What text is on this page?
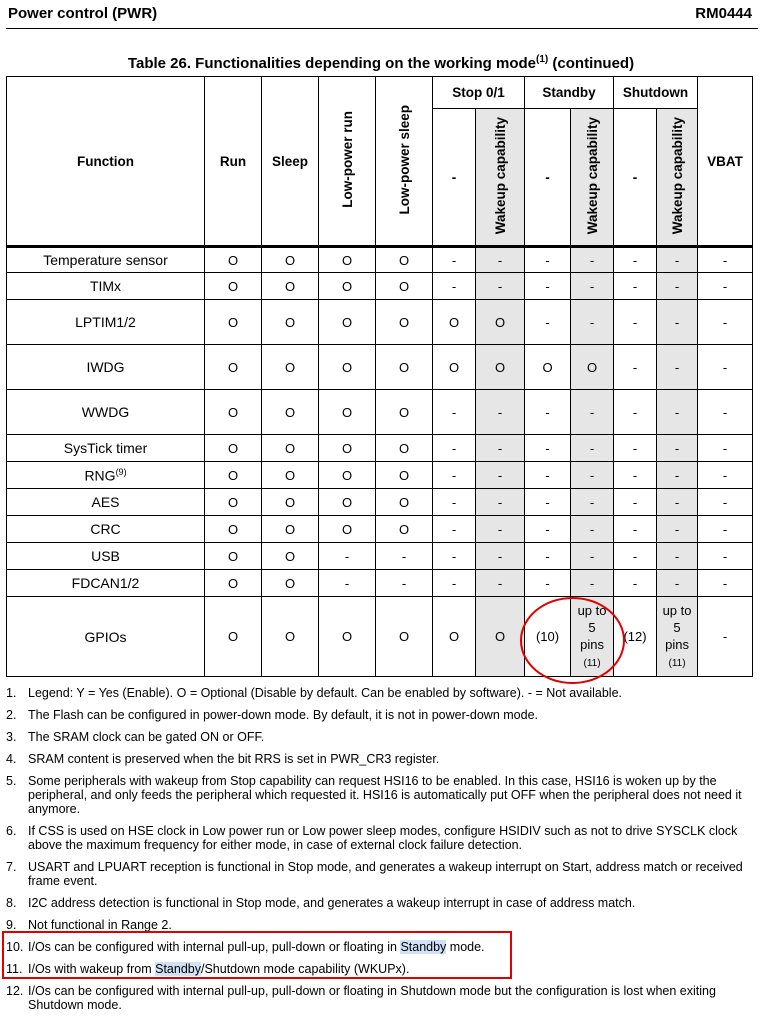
Power control (PWR)	RM0444
Table 26. Functionalities depending on the working mode$^{(1)}$ (continued)
Function	Run	Sleep	Low-power run	Low-power sleep	Stop 0/1		Standby		Shutdown		VBAT
					-	Wakeup capability	-	Wakeup capability	-	Wakeup capability	
Temperature sensor	O	O	O	O	-	-	-	-	-	-	-
TIMx	O	O	O	O	-	-	-	-	-	-	-
LPTIM1/2	O	O	O	O	O	O	-	-	-	-	-
IWDG	O	O	O	O	O	O	O	O	-	-	-
WWDG	O	O	O	O	-	-	-	-	-	-	-
SysTick timer	O	O	O	O	-	-	-	-	-	-	-
RNG$^{(9)}$	O	O	O	O	-	-	-	-	-	-	-
AES	O	O	O	O	-	-	-	-	-	-	-
CRC	O	O	O	O	-	-	-	-	-	-	-
USB	O	O	-	-	-	-	-	-	-	-	-
FDCAN1/2	O	O	-	-	-	-	-	-	-	-	-
GPIOs	O	O	O	O	O	O	(10)	up to
5
pins
(11)	(12)	up to
5
pins
(11)	-
1. Legend: Y = Yes (Enable). O = Optional (Disable by default. Can be enabled by software). - = Not available.
2. The Flash can be configured in power-down mode. By default, it is not in power-down mode.
3. The SRAM clock can be gated ON or OFF.
4. SRAM content is preserved when the bit RRS is set in PWR_CR3 register.
5. Some peripherals with wakeup from Stop capability can request HSI16 to be enabled. In this case, HSI16 is woken up by the peripheral, and only feeds the peripheral which requested it. HSI16 is automatically put OFF when the peripheral does not need it anymore.
6. If CSS is used on HSE clock in Low power run or Low power sleep modes, configure HSIDIV such as not to drive SYSCLK clock above the maximum frequency for either mode, in case of external clock failure detection.
7. USART and LPUART reception is functional in Stop mode, and generates a wakeup interrupt on Start, address match or received frame event.
8. I2C address detection is functional in Stop mode, and generates a wakeup interrupt in case of address match.
9. Not functional in Range 2.
10. I/Os can be configured with internal pull-up, pull-down or floating in Standby mode.
11. I/Os with wakeup from Standby/Shutdown mode capability (WKUPx).
12. I/Os can be configured with internal pull-up, pull-down or floating in Shutdown mode but the configuration is lost when exiting Shutdown mode.
